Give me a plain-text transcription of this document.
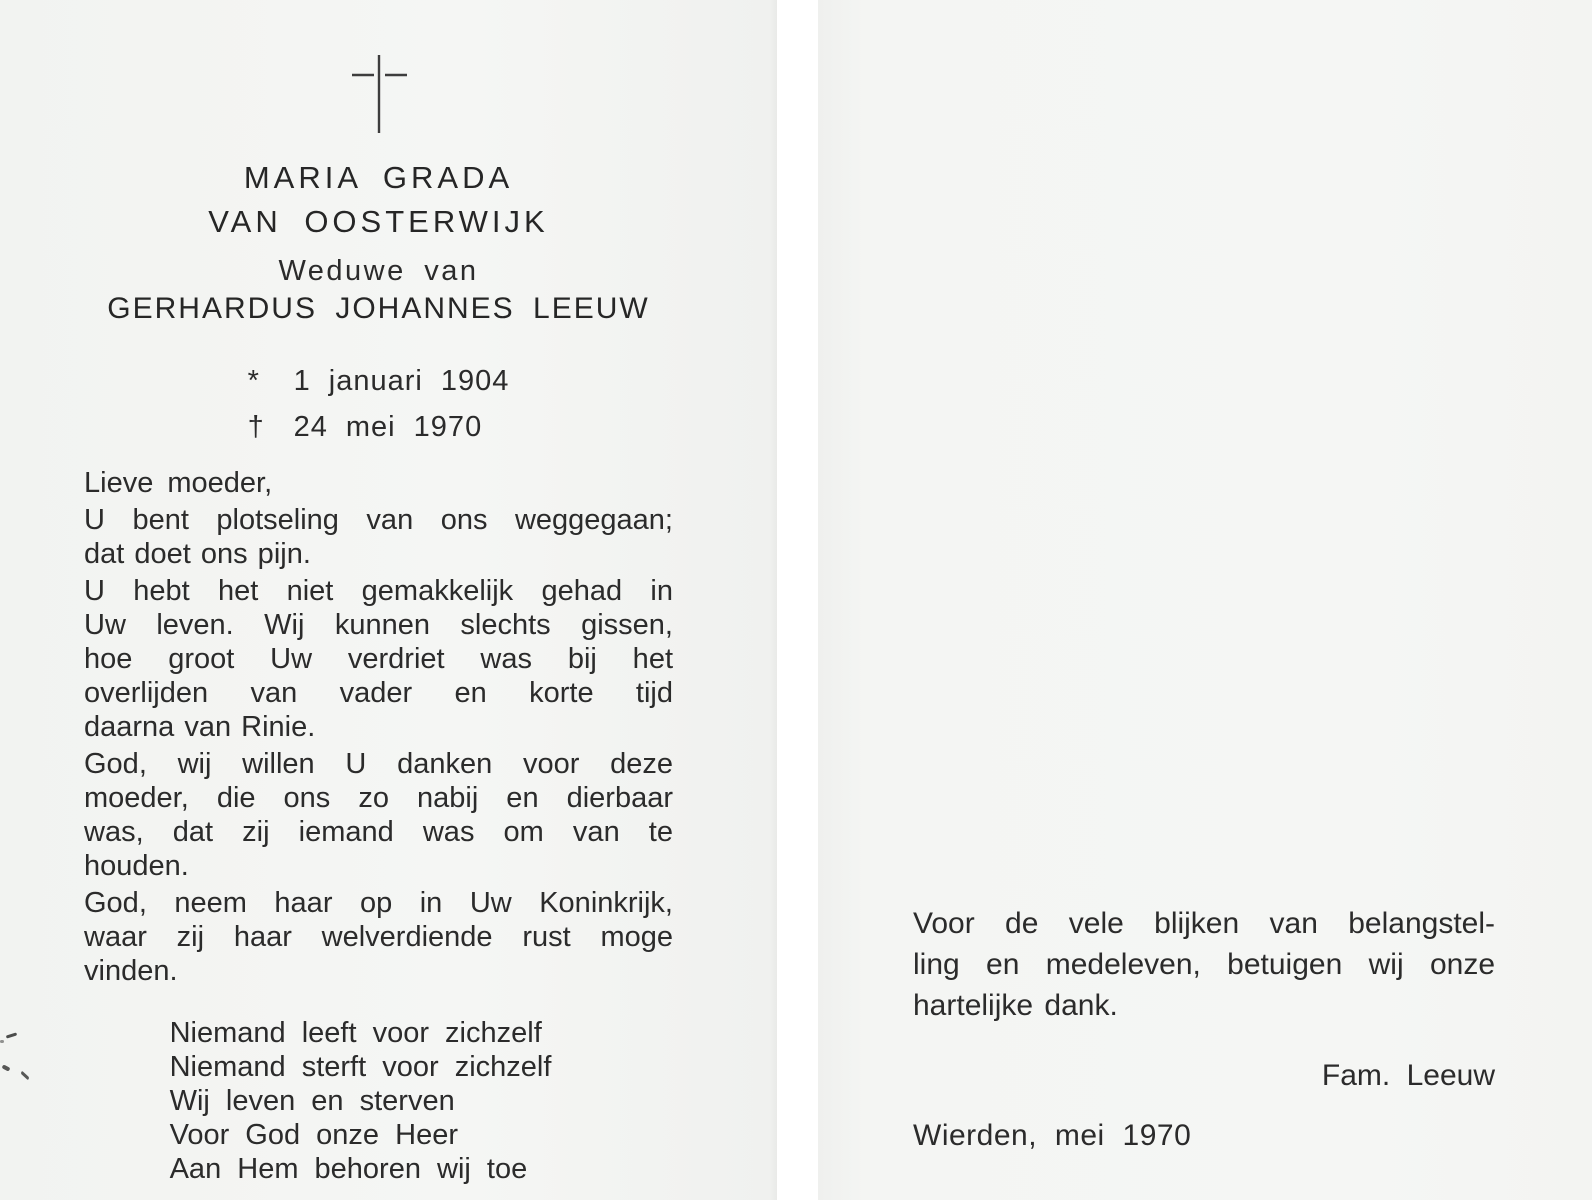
MARIA GRADA
VAN OOSTERWIJK
Weduwe van
GERHARDUS JOHANNES LEEUW
*	1 januari 1904
† 24 mei 1970
Lieve moeder,
U bent plotseling van ons weggegaan;
dat doet ons pijn.
U hebt het niet gemakkelijk gehad in
Uw leven. Wij kunnen slechts gissen,
hoe groot Uw verdriet was bij het
overlijden van vader en korte tijd
daarna van Rinie.
God, wij willen U danken voor deze
moeder, die ons zo nabij en dierbaar
was, dat zij iemand was om van te
houden.
God, neem haar op in Uw Koninkrijk,
waar zij haar welverdiende rust moge
vinden.
Niemand leeft voor zichzelf
Niemand sterft voor zichzelf
Wij leven en sterven
Voor God onze Heer
Aan Hem behoren wij toe
Voor de vele blijken van belangstel-
ling en medeleven, betuigen wij onze
hartelijke dank.
Fam. Leeuw
Wierden, mei 1970
